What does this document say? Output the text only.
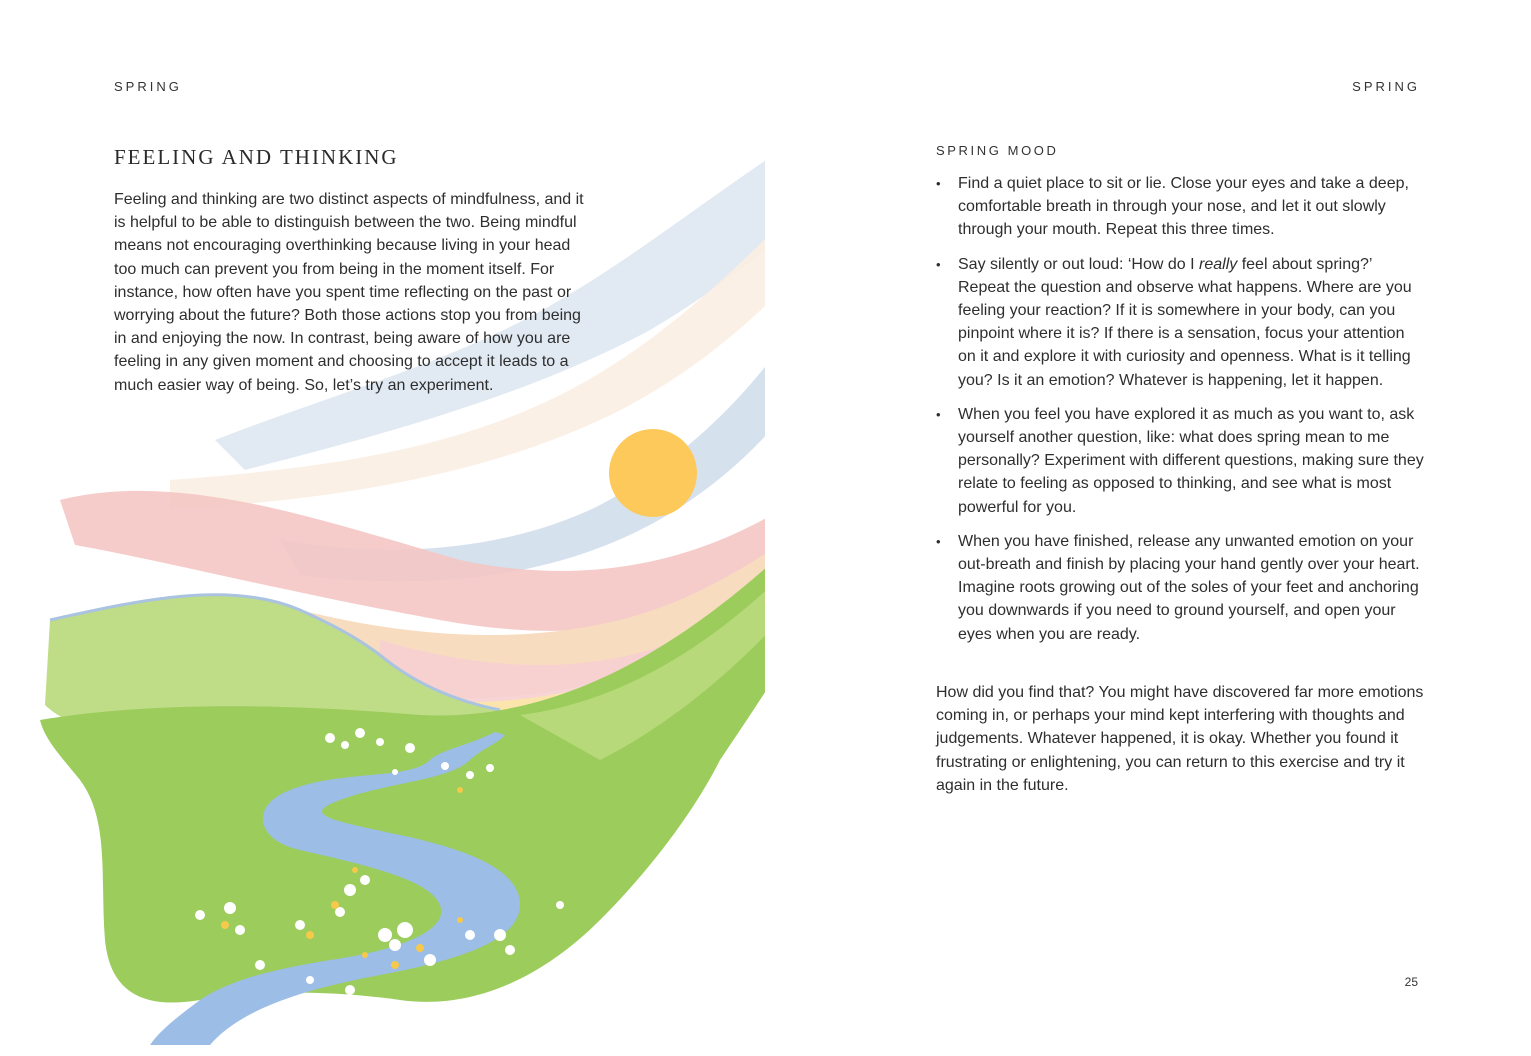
SPRING
FEELING AND THINKING

Feeling and thinking are two distinct aspects of mindfulness, and it is helpful to be able to distinguish between the two. Being mindful means not encouraging overthinking because living in your head too much can prevent you from being in the moment itself. For instance, how often have you spent time reflecting on the past or worrying about the future? Both those actions stop you from being in and enjoying the now. In contrast, being aware of how you are feeling in any given moment and choosing to accept it leads to a much easier way of being. So, let’s try an experiment.

SPRING
SPRING MOOD
• Find a quiet place to sit or lie. Close your eyes and take a deep, comfortable breath in through your nose, and let it out slowly through your mouth. Repeat this three times.
• Say silently or out loud: ‘How do I really feel about spring?’ Repeat the question and observe what happens. Where are you feeling your reaction? If it is somewhere in your body, can you pinpoint where it is? If there is a sensation, focus your attention on it and explore it with curiosity and openness. What is it telling you? Is it an emotion? Whatever is happening, let it happen.
• When you feel you have explored it as much as you want to, ask yourself another question, like: what does spring mean to me personally? Experiment with different questions, making sure they relate to feeling as opposed to thinking, and see what is most powerful for you.
• When you have finished, release any unwanted emotion on your out-breath and finish by placing your hand gently over your heart. Imagine roots growing out of the soles of your feet and anchoring you downwards if you need to ground yourself, and open your eyes when you are ready.

How did you find that? You might have discovered far more emotions coming in, or perhaps your mind kept interfering with thoughts and judgements. Whatever happened, it is okay. Whether you found it frustrating or enlightening, you can return to this exercise and try it again in the future.

25
